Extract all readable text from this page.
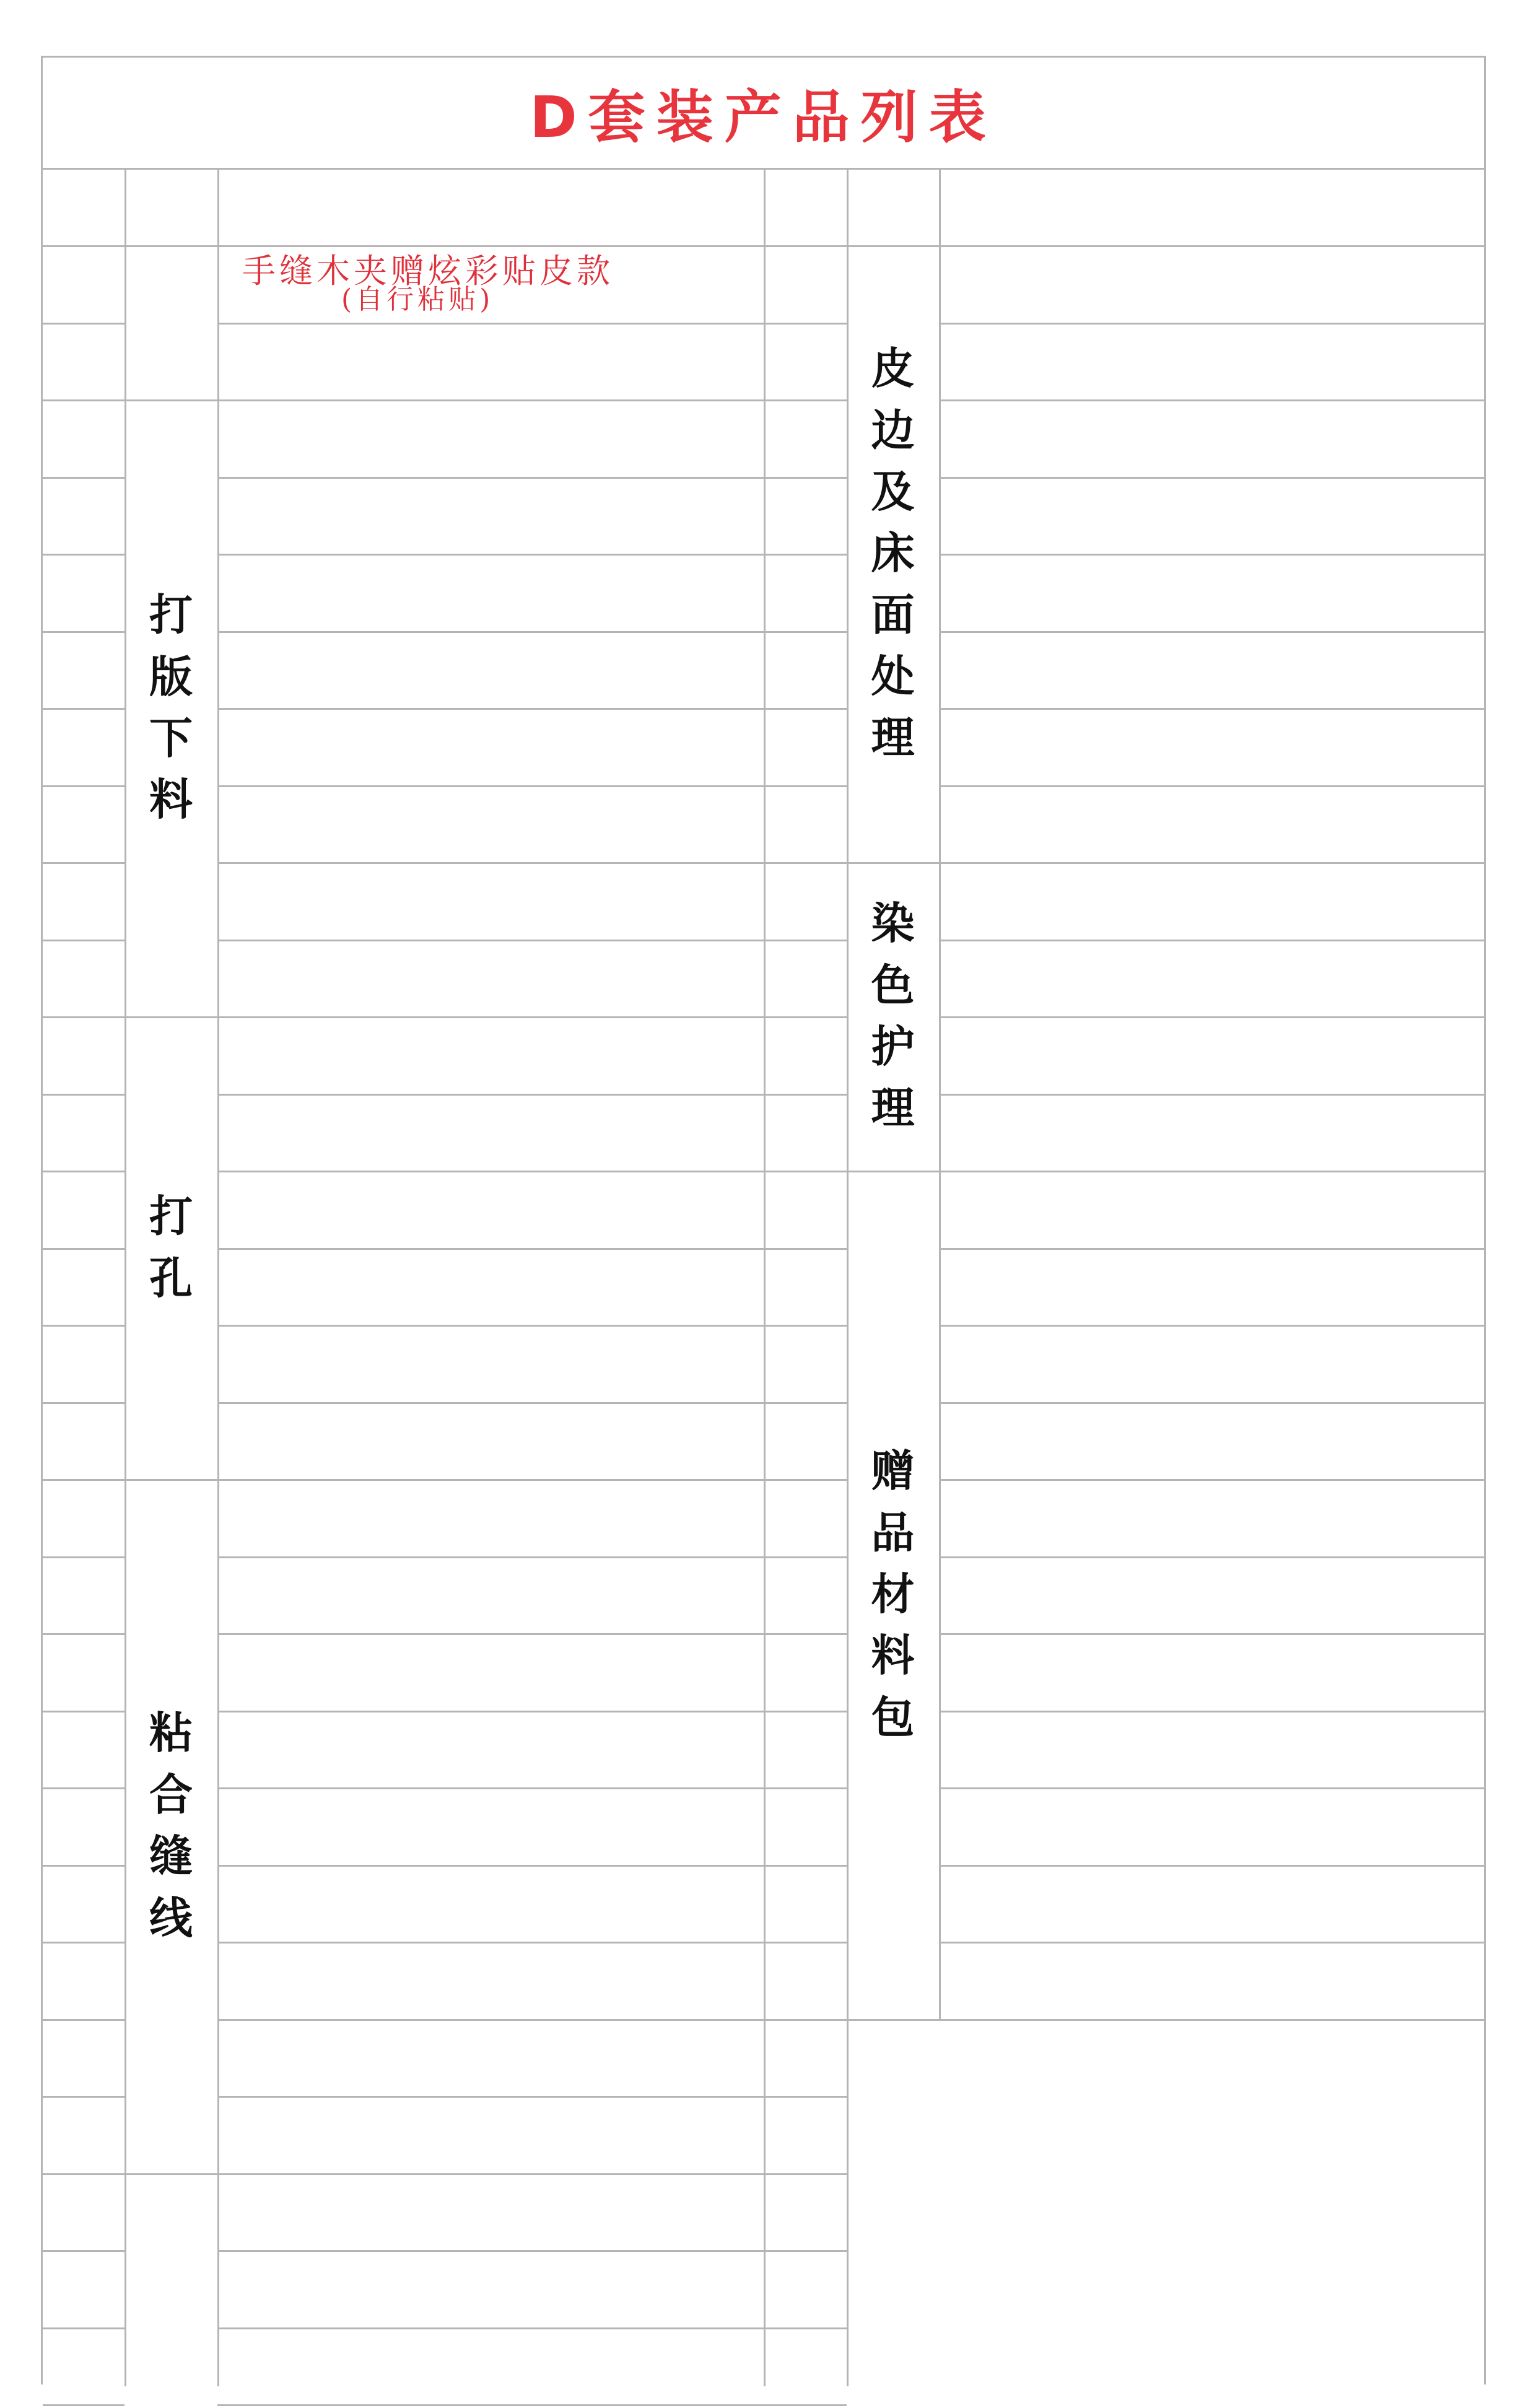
D套装产品列表
手缝木夹赠炫彩贴皮款
(自行粘贴)
打
版
下
料
打
孔
粘
合
缝
线
皮
边
及
床
面
处
理
染
色
护
理
赠
品
材
料
包
